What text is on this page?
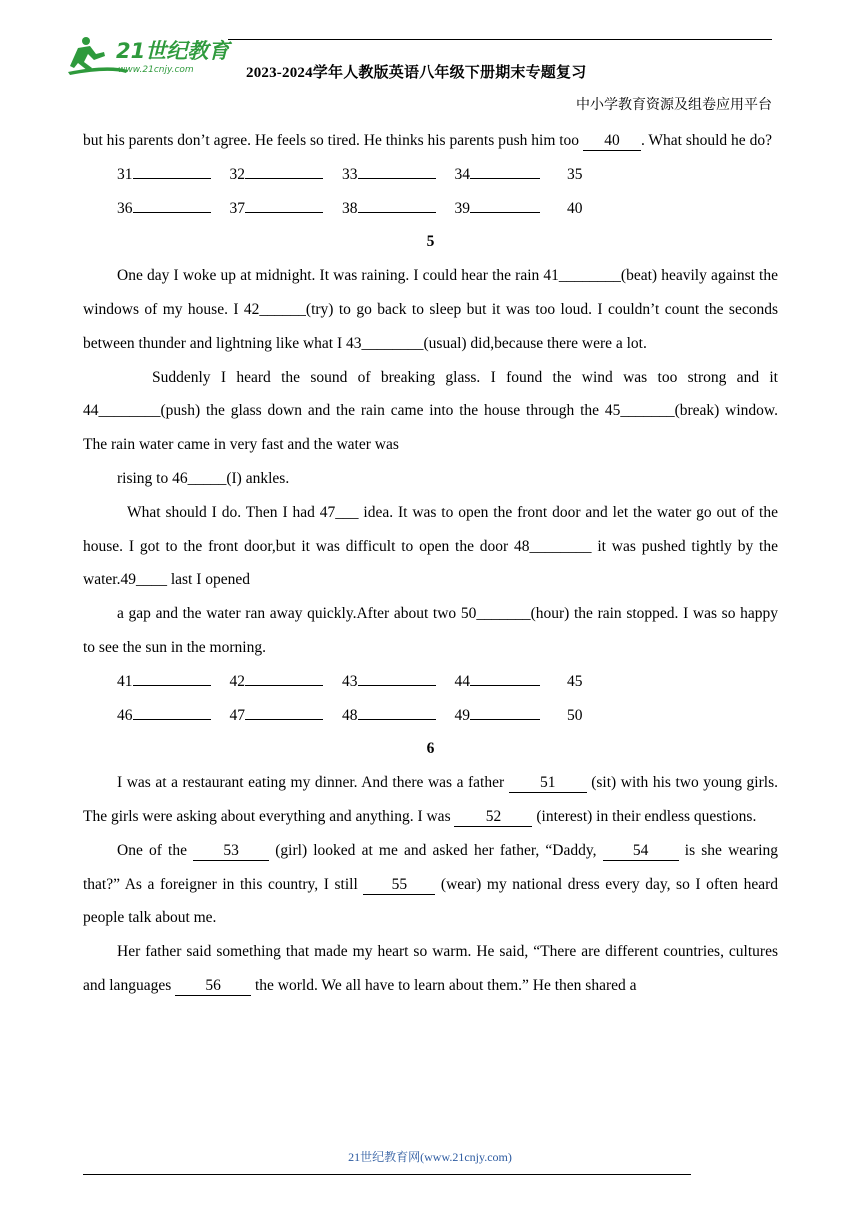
21世纪教育
www.21cnjy.com	2023-2024学年人教版英语八年级下册期末专题复习
中小学教育资源及组卷应用平台

but his parents don’t agree. He feels so tired. He thinks his parents push him too 40 . What should he do?

31	32	33	34	35
36	37	38	39	40

5

One day I woke up at midnight. It was raining. I could hear the rain 41________(beat) heavily against the windows of my house. I 42______(try) to go back to sleep but it was too loud. I couldn’t count the seconds between thunder and lightning like what I 43________(usual) did,because there were a lot.

Suddenly I heard the sound of breaking glass. I found the wind was too strong and it 44________(push) the glass down and the rain came into the house through the 45_______(break) window. The rain water came in very fast and the water was

rising to 46_____(I) ankles.

What should I do. Then I had 47___ idea. It was to open the front door and let the water go out of the house. I got to the front door,but it was difficult to open the door 48________ it was pushed tightly by the water.49____ last I opened

a gap and the water ran away quickly.After about two 50_______(hour) the rain stopped. I was so happy to see the sun in the morning.

41	42	43	44	45
46	47	48	49	50

6

I was at a restaurant eating my dinner. And there was a father 51 (sit) with his two young girls. The girls were asking about everything and anything. I was 52 (interest) in their endless questions.

One of the 53 (girl) looked at me and asked her father, “Daddy, 54 is she wearing that?” As a foreigner in this country, I still 55 (wear) my national dress every day, so I often heard people talk about me.

Her father said something that made my heart so warm. He said, “There are different countries, cultures and languages 56 the world. We all have to learn about them.” He then shared a

21世纪教育网(www.21cnjy.com)
